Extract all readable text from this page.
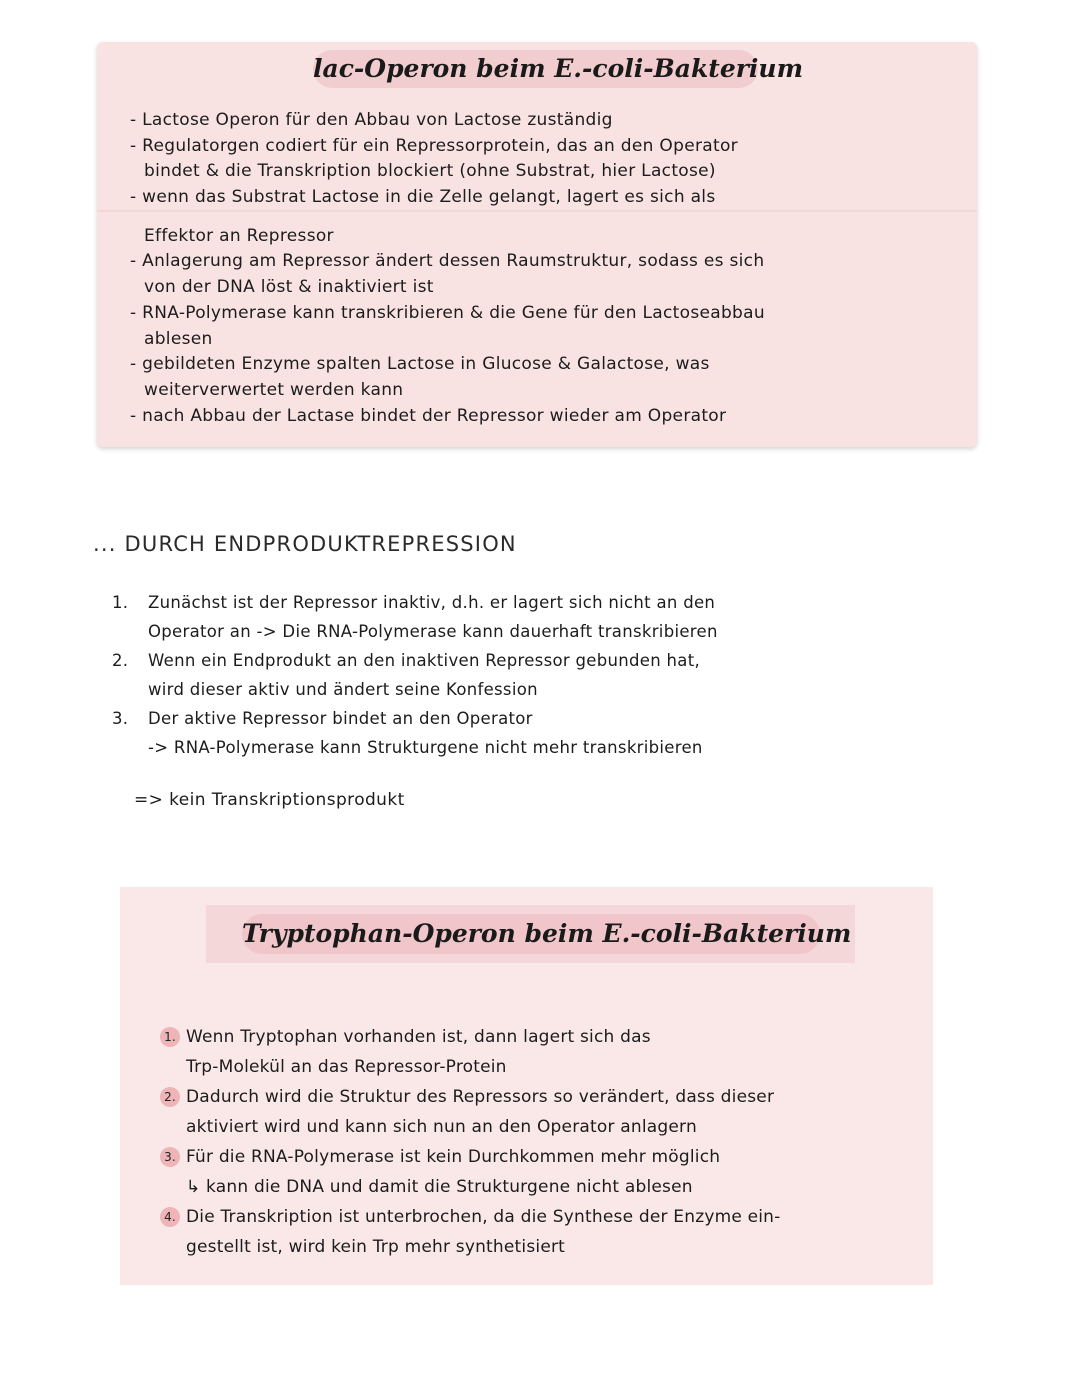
lac-Operon beim E.-coli-Bakterium
- Lactose Operon für den Abbau von Lactose zuständig
- Regulatorgen codiert für ein Repressorprotein, das an den Operator
bindet & die Transkription blockiert (ohne Substrat, hier Lactose)
- wenn das Substrat Lactose in die Zelle gelangt, lagert es sich als
Effektor an Repressor
- Anlagerung am Repressor ändert dessen Raumstruktur, sodass es sich
von der DNA löst & inaktiviert ist
- RNA-Polymerase kann transkribieren & die Gene für den Lactoseabbau
ablesen
- gebildeten Enzyme spalten Lactose in Glucose & Galactose, was
weiterverwertet werden kann
- nach Abbau der Lactase bindet der Repressor wieder am Operator
... DURCH ENDPRODUKTREPRESSION
1. Zunächst ist der Repressor inaktiv, d.h. er lagert sich nicht an den
Operator an -> Die RNA-Polymerase kann dauerhaft transkribieren
2. Wenn ein Endprodukt an den inaktiven Repressor gebunden hat,
wird dieser aktiv und ändert seine Konfession
3. Der aktive Repressor bindet an den Operator
-> RNA-Polymerase kann Strukturgene nicht mehr transkribieren
=> kein Transkriptionsprodukt
Tryptophan-Operon beim E.-coli-Bakterium
1. Wenn Tryptophan vorhanden ist, dann lagert sich das
Trp-Molekül an das Repressor-Protein
2. Dadurch wird die Struktur des Repressors so verändert, dass dieser
aktiviert wird und kann sich nun an den Operator anlagern
3. Für die RNA-Polymerase ist kein Durchkommen mehr möglich
↳ kann die DNA und damit die Strukturgene nicht ablesen
4. Die Transkription ist unterbrochen, da die Synthese der Enzyme ein-
gestellt ist, wird kein Trp mehr synthetisiert
